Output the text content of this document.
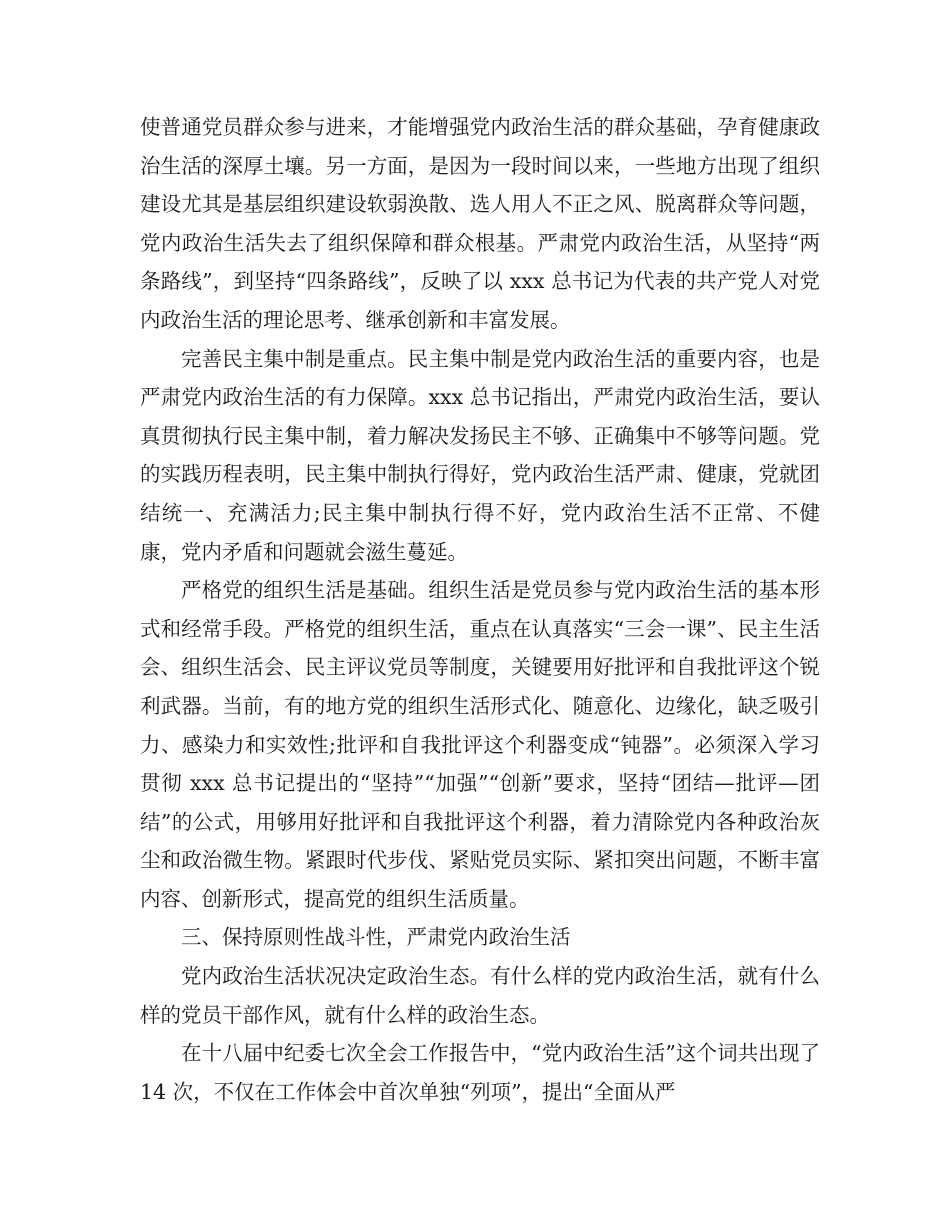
使普通党员群众参与进来，才能增强党内政治生活的群众基础，孕育健康政治生活的深厚土壤。另一方面，是因为一段时间以来，一些地方出现了组织建设尤其是基层组织建设软弱涣散、选人用人不正之风、脱离群众等问题，党内政治生活失去了组织保障和群众根基。严肃党内政治生活，从坚持“两条路线”，到坚持“四条路线”，反映了以 xxx 总书记为代表的共产党人对党内政治生活的理论思考、继承创新和丰富发展。

完善民主集中制是重点。民主集中制是党内政治生活的重要内容，也是严肃党内政治生活的有力保障。xxx 总书记指出，严肃党内政治生活，要认真贯彻执行民主集中制，着力解决发扬民主不够、正确集中不够等问题。党的实践历程表明，民主集中制执行得好，党内政治生活严肃、健康，党就团结统一、充满活力;民主集中制执行得不好，党内政治生活不正常、不健康，党内矛盾和问题就会滋生蔓延。

严格党的组织生活是基础。组织生活是党员参与党内政治生活的基本形式和经常手段。严格党的组织生活，重点在认真落实“三会一课”、民主生活会、组织生活会、民主评议党员等制度，关键要用好批评和自我批评这个锐利武器。当前，有的地方党的组织生活形式化、随意化、边缘化，缺乏吸引力、感染力和实效性;批评和自我批评这个利器变成“钝器”。必须深入学习贯彻 xxx 总书记提出的“坚持”“加强”“创新”要求，坚持“团结—批评—团结”的公式，用够用好批评和自我批评这个利器，着力清除党内各种政治灰尘和政治微生物。紧跟时代步伐、紧贴党员实际、紧扣突出问题，不断丰富内容、创新形式，提高党的组织生活质量。

三、保持原则性战斗性，严肃党内政治生活

党内政治生活状况决定政治生态。有什么样的党内政治生活，就有什么样的党员干部作风，就有什么样的政治生态。

在十八届中纪委七次全会工作报告中，“党内政治生活”这个词共出现了 14 次，不仅在工作体会中首次单独“列项”，提出“全面从严
